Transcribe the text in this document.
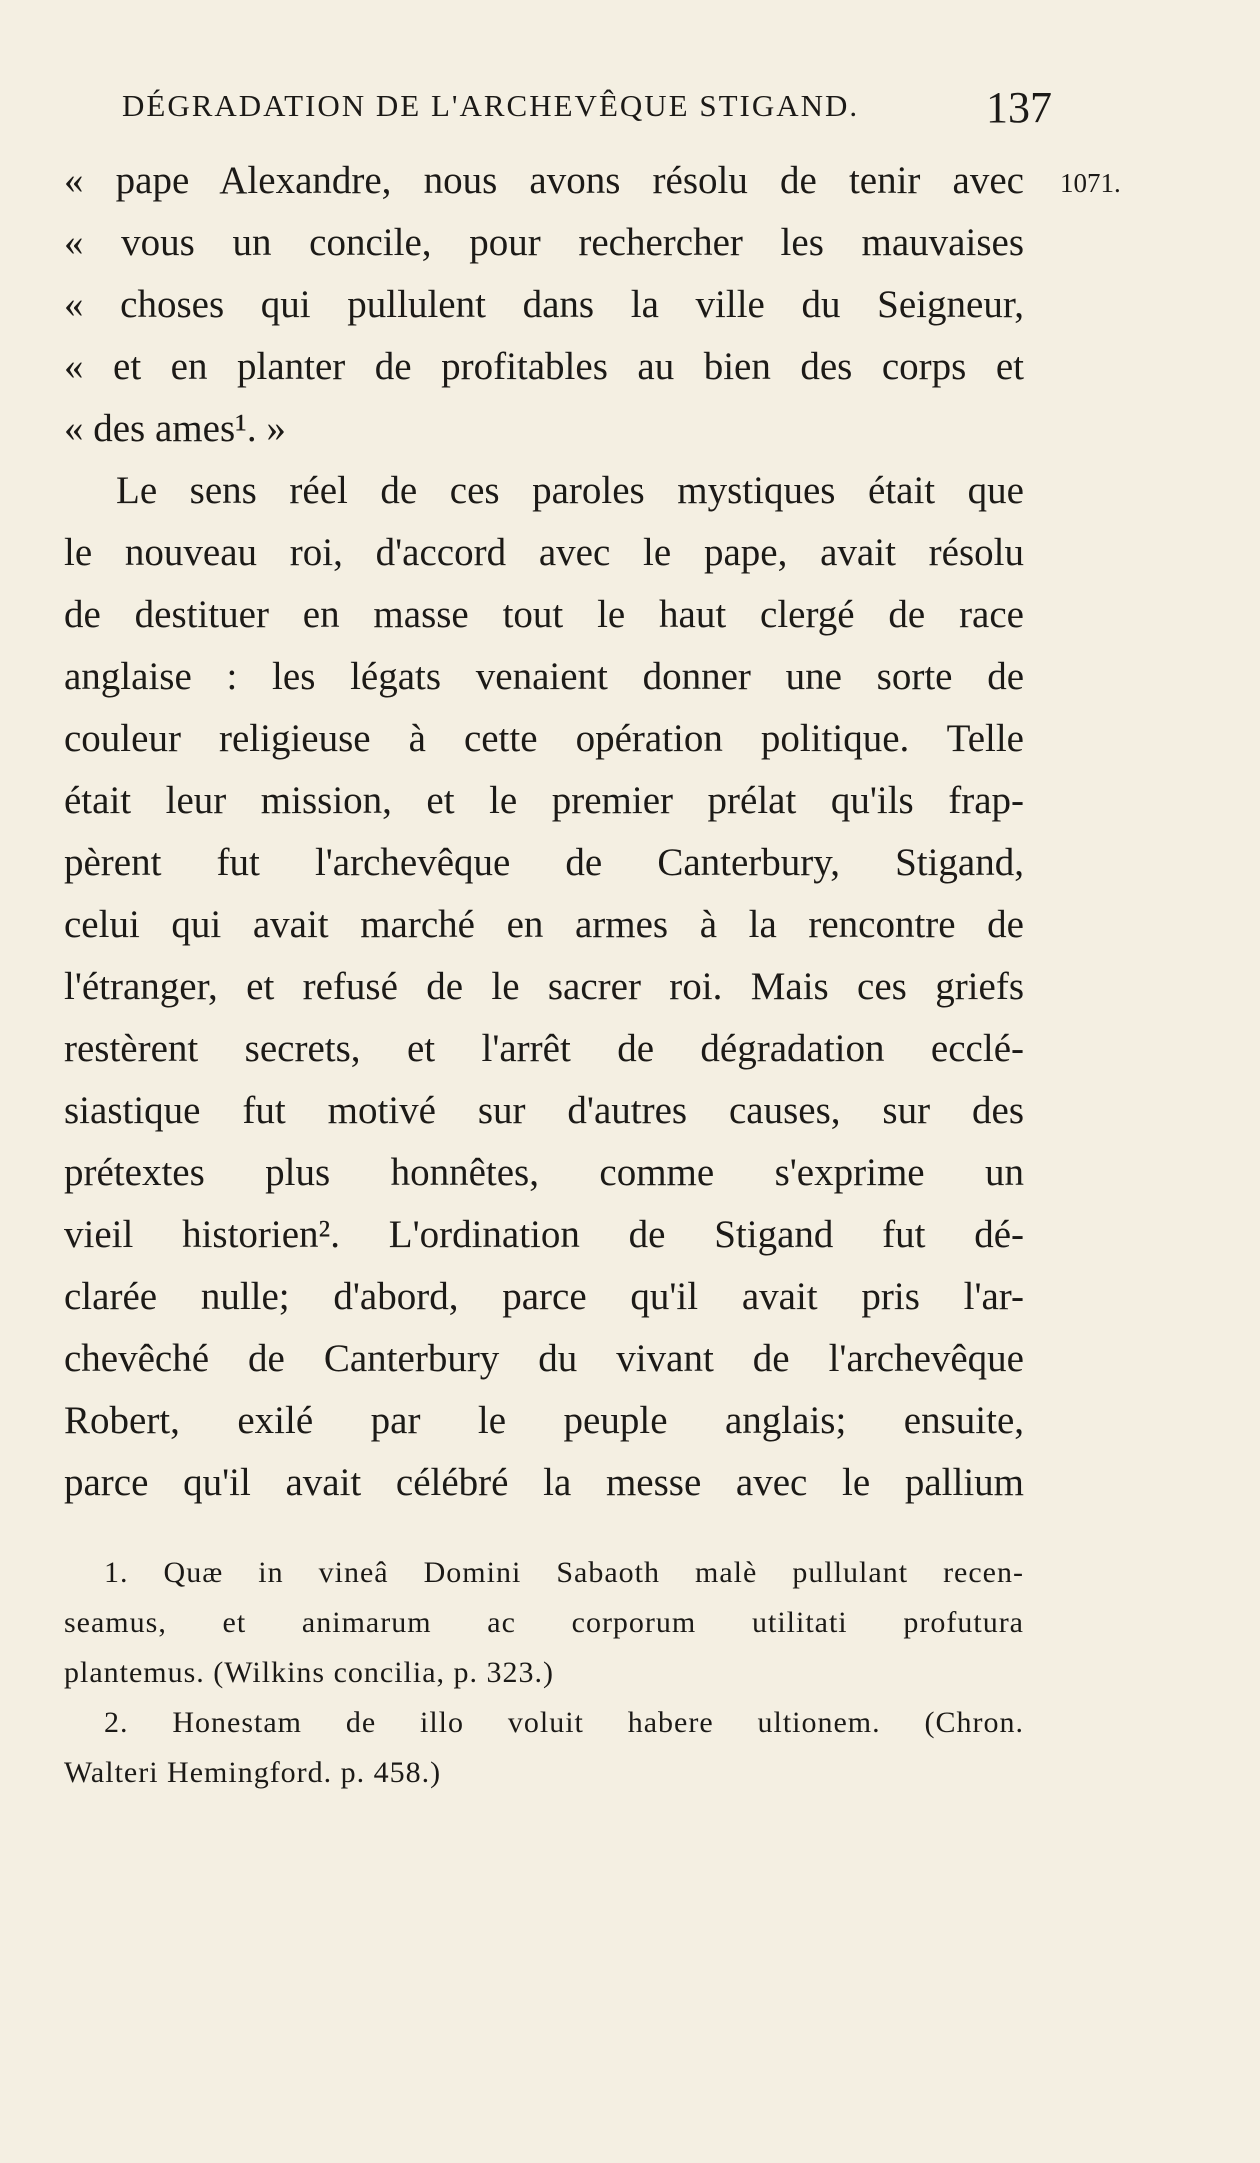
DÉGRADATION DE L'ARCHEVÊQUE STIGAND.	137
1071.
« pape Alexandre, nous avons résolu de tenir avec
« vous un concile, pour rechercher les mauvaises
« choses qui pullulent dans la ville du Seigneur,
« et en planter de profitables au bien des corps et
« des ames¹. »
Le sens réel de ces paroles mystiques était que
le nouveau roi, d'accord avec le pape, avait résolu
de destituer en masse tout le haut clergé de race
anglaise : les légats venaient donner une sorte de
couleur religieuse à cette opération politique. Telle
était leur mission, et le premier prélat qu'ils frap-
pèrent fut l'archevêque de Canterbury, Stigand,
celui qui avait marché en armes à la rencontre de
l'étranger, et refusé de le sacrer roi. Mais ces griefs
restèrent secrets, et l'arrêt de dégradation ecclé-
siastique fut motivé sur d'autres causes, sur des
prétextes plus honnêtes, comme s'exprime un
vieil historien². L'ordination de Stigand fut dé-
clarée nulle; d'abord, parce qu'il avait pris l'ar-
chevêché de Canterbury du vivant de l'archevêque
Robert, exilé par le peuple anglais; ensuite,
parce qu'il avait célébré la messe avec le pallium
1. Quæ in vineâ Domini Sabaoth malè pullulant recen-
seamus, et animarum ac corporum utilitati profutura
plantemus. (Wilkins concilia, p. 323.)
2. Honestam de illo voluit habere ultionem. (Chron.
Walteri Hemingford. p. 458.)
